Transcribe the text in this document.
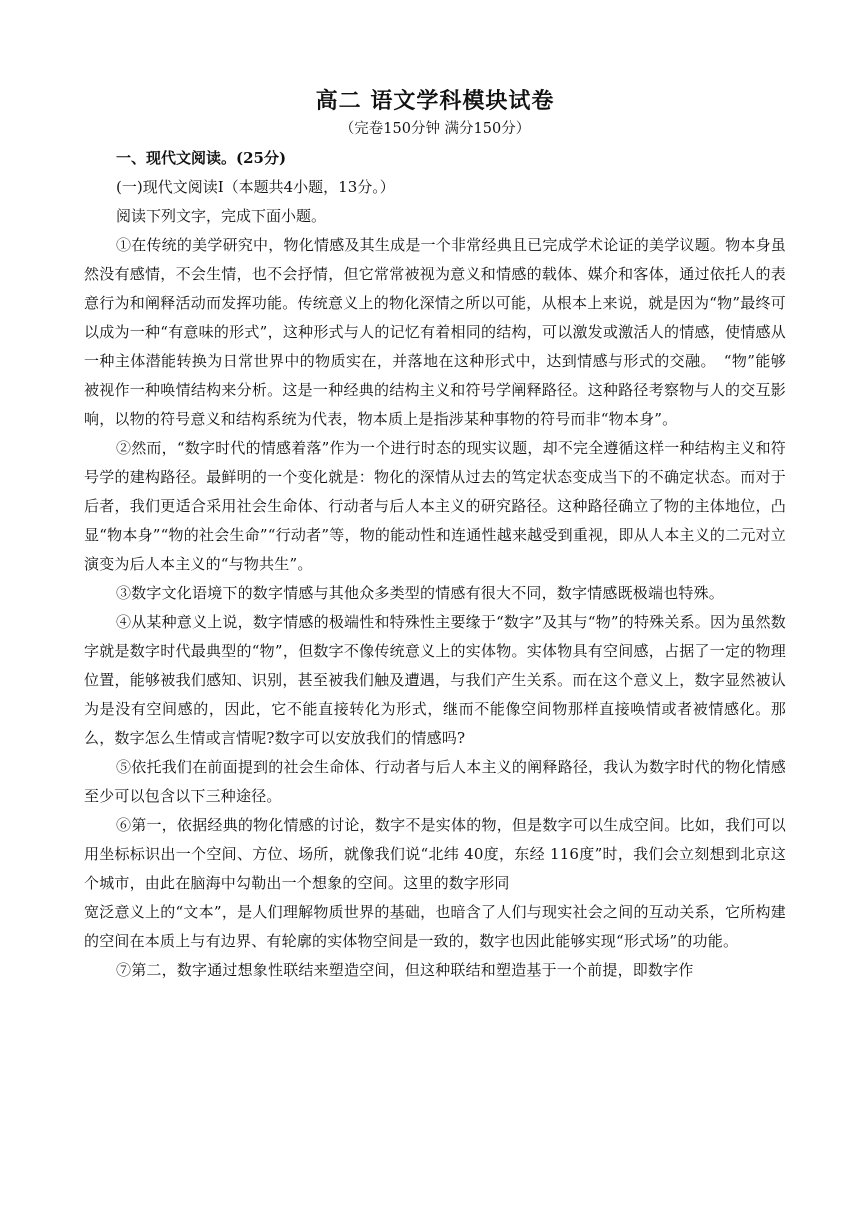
高二 语文学科模块试卷

（完卷150分钟 满分150分）

一、现代文阅读。(25分)

(一)现代文阅读Ⅰ（本题共4小题，13分。）

阅读下列文字，完成下面小题。

①在传统的美学研究中，物化情感及其生成是一个非常经典且已完成学术论证的美学议题。物本身虽然没有感情，不会生情，也不会抒情，但它常常被视为意义和情感的载体、媒介和客体，通过依托人的表意行为和阐释活动而发挥功能。传统意义上的物化深情之所以可能，从根本上来说，就是因为“物”最终可以成为一种“有意味的形式”，这种形式与人的记忆有着相同的结构，可以激发或激活人的情感，使情感从一种主体潜能转换为日常世界中的物质实在，并落地在这种形式中，达到情感与形式的交融。　“物”能够被视作一种唤情结构来分析。这是一种经典的结构主义和符号学阐释路径。这种路径考察物与人的交互影响，以物的符号意义和结构系统为代表，物本质上是指涉某种事物的符号而非“物本身”。

②然而，“数字时代的情感着落”作为一个进行时态的现实议题，却不完全遵循这样一种结构主义和符号学的建构路径。最鲜明的一个变化就是：物化的深情从过去的笃定状态变成当下的不确定状态。而对于后者，我们更适合采用社会生命体、行动者与后人本主义的研究路径。这种路径确立了物的主体地位，凸显“物本身”“物的社会生命”“行动者”等，物的能动性和连通性越来越受到重视，即从人本主义的二元对立演变为后人本主义的“与物共生”。

③数字文化语境下的数字情感与其他众多类型的情感有很大不同，数字情感既极端也特殊。

④从某种意义上说，数字情感的极端性和特殊性主要缘于“数字”及其与“物”的特殊关系。因为虽然数字就是数字时代最典型的“物”，但数字不像传统意义上的实体物。实体物具有空间感，占据了一定的物理位置，能够被我们感知、识别，甚至被我们触及遭遇，与我们产生关系。而在这个意义上，数字显然被认为是没有空间感的，因此，它不能直接转化为形式，继而不能像空间物那样直接唤情或者被情感化。那么，数字怎么生情或言情呢?数字可以安放我们的情感吗?

⑤依托我们在前面提到的社会生命体、行动者与后人本主义的阐释路径，我认为数字时代的物化情感至少可以包含以下三种途径。

⑥第一，依据经典的物化情感的讨论，数字不是实体的物，但是数字可以生成空间。比如，我们可以用坐标标识出一个空间、方位、场所，就像我们说“北纬 40度，东经 116度”时，我们会立刻想到北京这个城市，由此在脑海中勾勒出一个想象的空间。这里的数字形同

宽泛意义上的“文本”，是人们理解物质世界的基础，也暗含了人们与现实社会之间的互动关系，它所构建的空间在本质上与有边界、有轮廓的实体物空间是一致的，数字也因此能够实现“形式场”的功能。

⑦第二，数字通过想象性联结来塑造空间，但这种联结和塑造基于一个前提，即数字作
